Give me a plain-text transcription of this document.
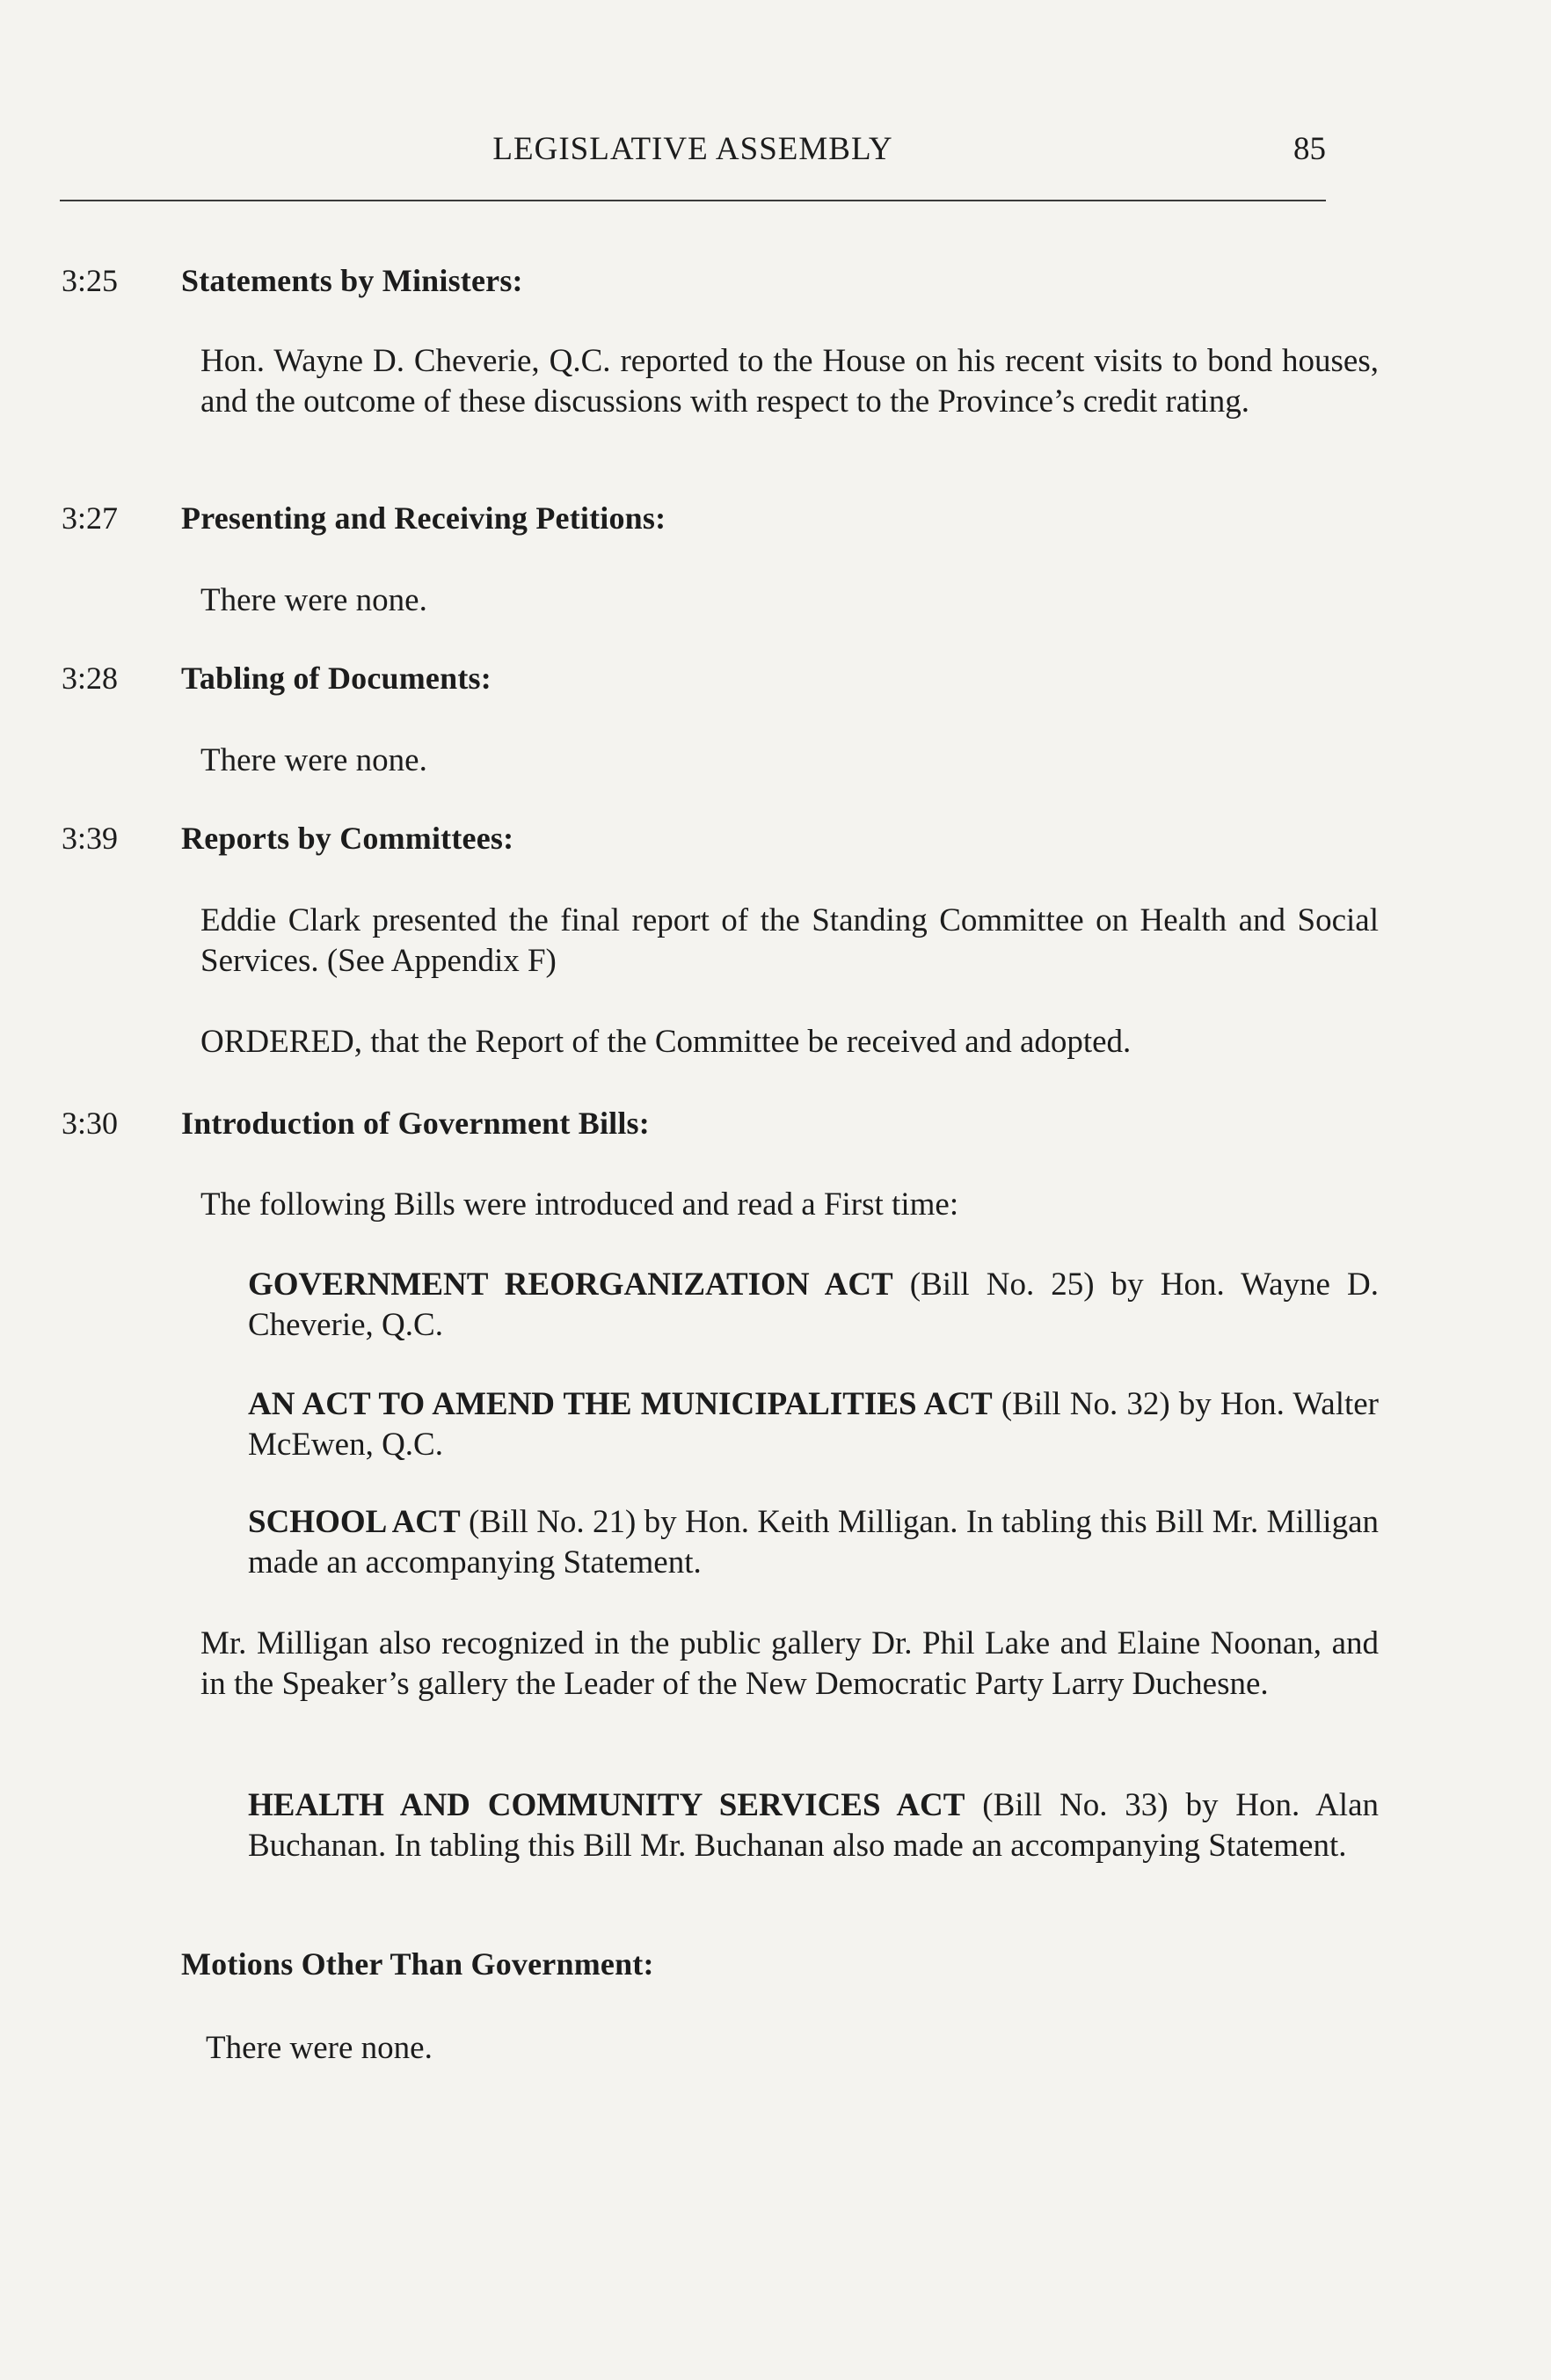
LEGISLATIVE ASSEMBLY	85
3:25 Statements by Ministers:

Hon. Wayne D. Cheverie, Q.C. reported to the House on his recent visits to bond houses, and the outcome of these discussions with respect to the Province’s credit rating.

3:27 Presenting and Receiving Petitions:

There were none.

3:28 Tabling of Documents:

There were none.

3:39 Reports by Committees:

Eddie Clark presented the final report of the Standing Committee on Health and Social Services. (See Appendix F)

ORDERED, that the Report of the Committee be received and adopted.

3:30 Introduction of Government Bills:

The following Bills were introduced and read a First time:

GOVERNMENT REORGANIZATION ACT (Bill No. 25) by Hon. Wayne D. Cheverie, Q.C.

AN ACT TO AMEND THE MUNICIPALITIES ACT (Bill No. 32) by Hon. Walter McEwen, Q.C.

SCHOOL ACT (Bill No. 21) by Hon. Keith Milligan. In tabling this Bill Mr. Milligan made an accompanying Statement.

Mr. Milligan also recognized in the public gallery Dr. Phil Lake and Elaine Noonan, and in the Speaker’s gallery the Leader of the New Democratic Party Larry Duchesne.

HEALTH AND COMMUNITY SERVICES ACT (Bill No. 33) by Hon. Alan Buchanan. In tabling this Bill Mr. Buchanan also made an accompanying Statement.

Motions Other Than Government:

There were none.
